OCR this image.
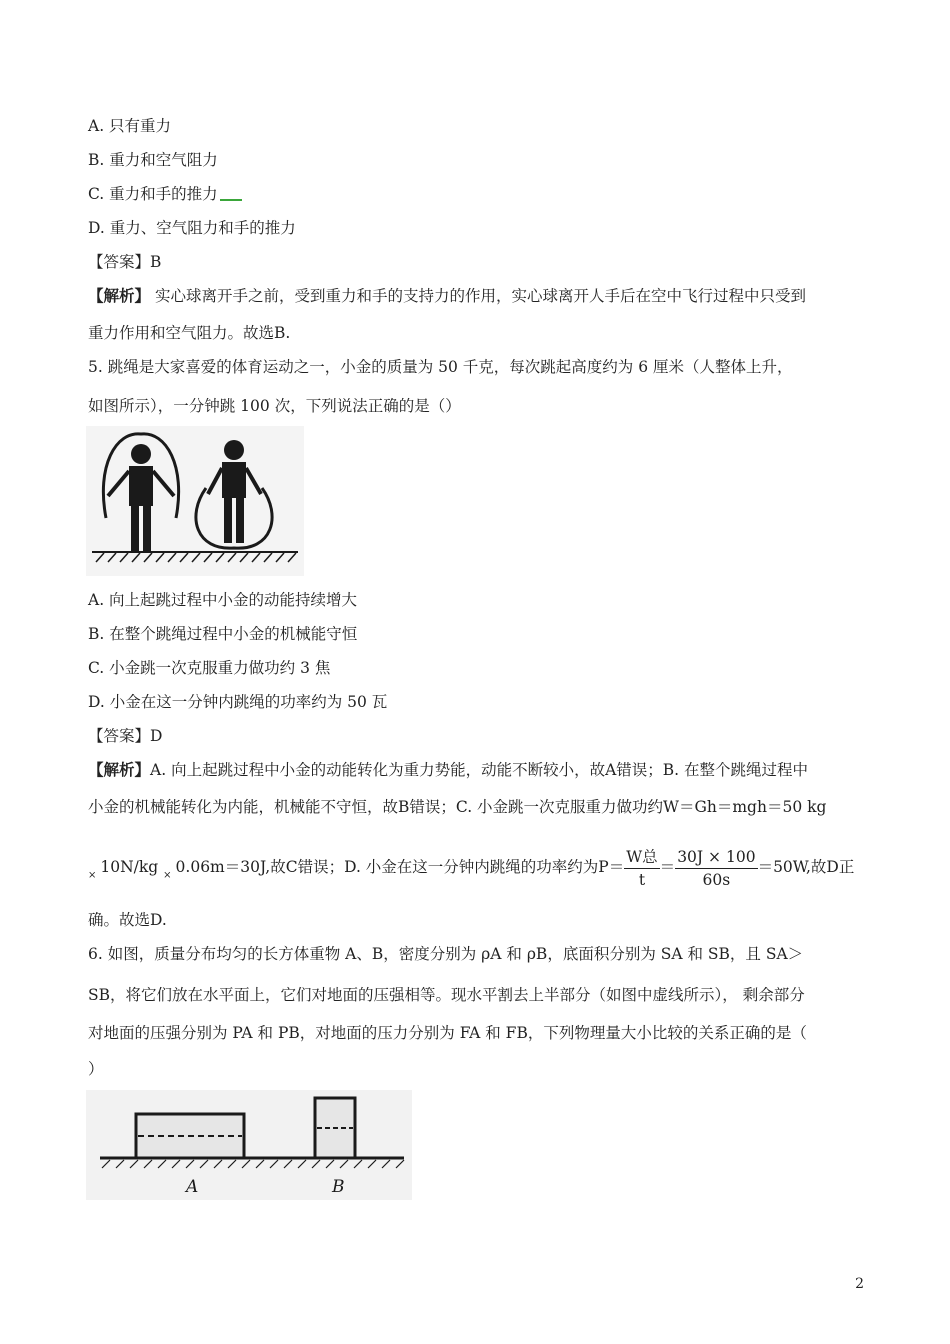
A. 只有重力
B. 重力和空气阻力
C. 重力和手的推力
D. 重力、空气阻力和手的推力
【答案】B
【解析】 实心球离开手之前，受到重力和手的支持力的作用，实心球离开人手后在空中飞行过程中只受到
重力作用和空气阻力。故选B.
5. 跳绳是大家喜爱的体育运动之一，小金的质量为 50 千克，每次跳起高度约为 6 厘米（人整体上升，
如图所示），一分钟跳 100 次，下列说法正确的是（）
A. 向上起跳过程中小金的动能持续增大
B. 在整个跳绳过程中小金的机械能守恒
C. 小金跳一次克服重力做功约 3 焦
D. 小金在这一分钟内跳绳的功率约为 50 瓦
【答案】D
【解析】A. 向上起跳过程中小金的动能转化为重力势能，动能不断较小，故A错误；B. 在整个跳绳过程中
小金的机械能转化为内能，机械能不守恒，故B错误；C. 小金跳一次克服重力做功约W＝Gh＝mgh＝50 kg
$_\times$ 10N/kg $_\times$ 0.06m＝30J,故C错误；D. 小金在这一分钟内跳绳的功率约为$P= \frac{\text{W总}}{t} = \frac{30J \times 100}{60s} =50W$,故D正
确。故选D.
6. 如图，质量分布均匀的长方体重物 A、B，密度分别为 ρA 和 ρB，底面积分别为 SA 和 SB，且 SA＞
SB，将它们放在水平面上，它们对地面的压强相等。现水平割去上半部分（如图中虚线所示）， 剩余部分
对地面的压强分别为 PA 和 PB，对地面的压力分别为 FA 和 FB，下列物理量大小比较的关系正确的是（
）
A	B
2
